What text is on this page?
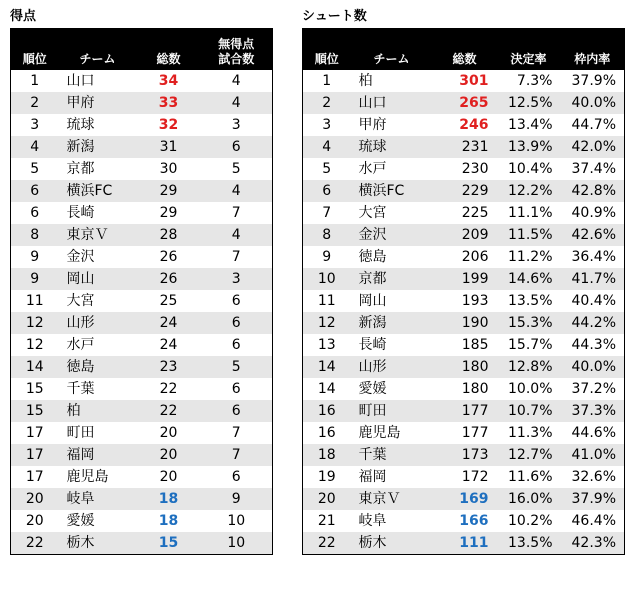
得点
順位	チーム	総数	無得点
試合数
1	山口	34	4
2	甲府	33	4
3	琉球	32	3
4	新潟	31	6
5	京都	30	5
6	横浜FC	29	4
6	長崎	29	7
8	東京Ｖ	28	4
9	金沢	26	7
9	岡山	26	3
11	大宮	25	6
12	山形	24	6
12	水戸	24	6
14	徳島	23	5
15	千葉	22	6
15	柏	22	6
17	町田	20	7
17	福岡	20	7
17	鹿児島	20	6
20	岐阜	18	9
20	愛媛	18	10
22	栃木	15	10
シュート数
順位	チーム	総数	決定率	枠内率
1	柏	301	7.3%	37.9%
2	山口	265	12.5%	40.0%
3	甲府	246	13.4%	44.7%
4	琉球	231	13.9%	42.0%
5	水戸	230	10.4%	37.4%
6	横浜FC	229	12.2%	42.8%
7	大宮	225	11.1%	40.9%
8	金沢	209	11.5%	42.6%
9	徳島	206	11.2%	36.4%
10	京都	199	14.6%	41.7%
11	岡山	193	13.5%	40.4%
12	新潟	190	15.3%	44.2%
13	長崎	185	15.7%	44.3%
14	山形	180	12.8%	40.0%
14	愛媛	180	10.0%	37.2%
16	町田	177	10.7%	37.3%
16	鹿児島	177	11.3%	44.6%
18	千葉	173	12.7%	41.0%
19	福岡	172	11.6%	32.6%
20	東京Ｖ	169	16.0%	37.9%
21	岐阜	166	10.2%	46.4%
22	栃木	111	13.5%	42.3%
